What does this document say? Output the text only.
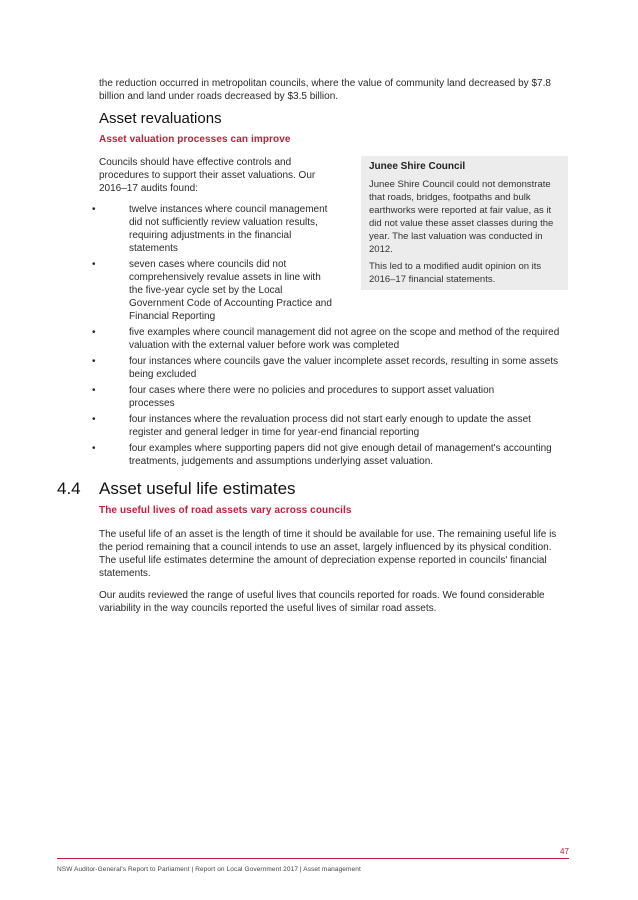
the reduction occurred in metropolitan councils, where the value of community land decreased by $7.8 billion and land under roads decreased by $3.5 billion.

Asset revaluations
Asset valuation processes can improve

Councils should have effective controls and procedures to support their asset valuations. Our 2016–17 audits found:

Junee Shire Council

Junee Shire Council could not demonstrate that roads, bridges, footpaths and bulk earthworks were reported at fair value, as it did not value these asset classes during the year. The last valuation was conducted in 2012.

This led to a modified audit opinion on its 2016–17 financial statements.

•	twelve instances where council management did not sufficiently review valuation results, requiring adjustments in the financial statements
•	seven cases where councils did not comprehensively revalue assets in line with the five-year cycle set by the Local Government Code of Accounting Practice and Financial Reporting
•	five examples where council management did not agree on the scope and method of the required valuation with the external valuer before work was completed
•	four instances where councils gave the valuer incomplete asset records, resulting in some assets being excluded
•	four cases where there were no policies and procedures to support asset valuation processes
•	four instances where the revaluation process did not start early enough to update the asset register and general ledger in time for year-end financial reporting
•	four examples where supporting papers did not give enough detail of management's accounting treatments, judgements and assumptions underlying asset valuation.
4.4 Asset useful life estimates
The useful lives of road assets vary across councils

The useful life of an asset is the length of time it should be available for use. The remaining useful life is the period remaining that a council intends to use an asset, largely influenced by its physical condition. The useful life estimates determine the amount of depreciation expense reported in councils' financial statements.

Our audits reviewed the range of useful lives that councils reported for roads. We found considerable variability in the way councils reported the useful lives of similar road assets.

47

NSW Auditor-General's Report to Parliament | Report on Local Government 2017 | Asset management
